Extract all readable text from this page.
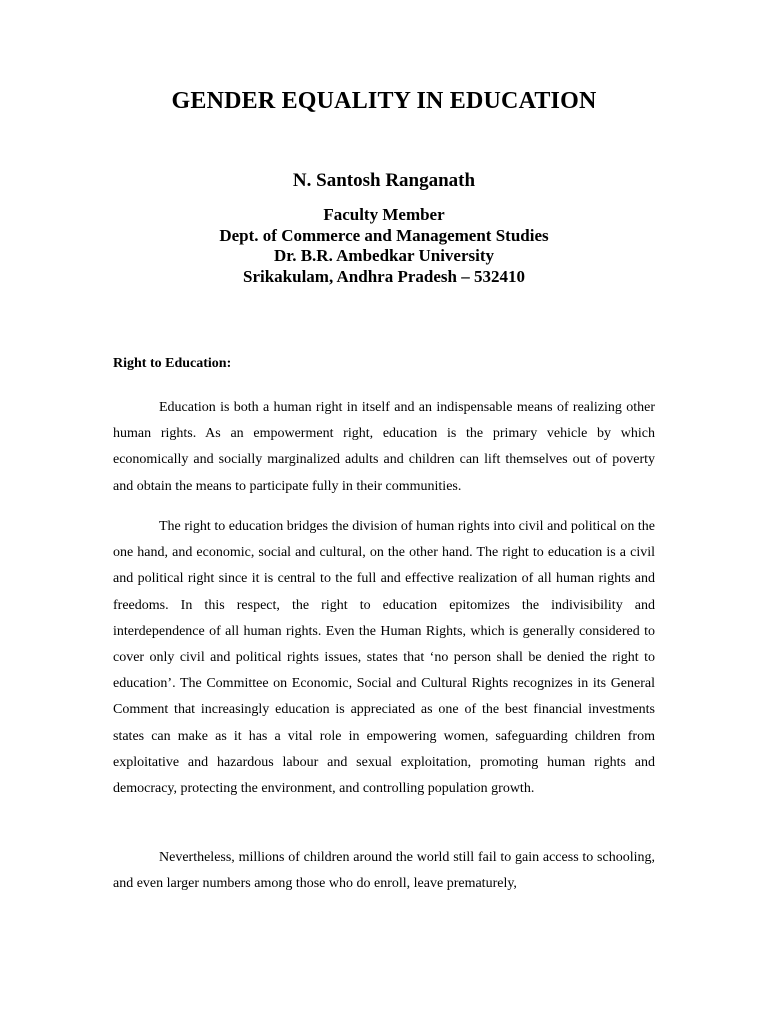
GENDER EQUALITY IN EDUCATION
N. Santosh Ranganath
Faculty Member
Dept. of Commerce and Management Studies
Dr. B.R. Ambedkar University
Srikakulam, Andhra Pradesh – 532410
Right to Education:

Education is both a human right in itself and an indispensable means of realizing other human rights. As an empowerment right, education is the primary vehicle by which economically and socially marginalized adults and children can lift themselves out of poverty and obtain the means to participate fully in their communities.

The right to education bridges the division of human rights into civil and political on the one hand, and economic, social and cultural, on the other hand. The right to education is a civil and political right since it is central to the full and effective realization of all human rights and freedoms. In this respect, the right to education epitomizes the indivisibility and interdependence of all human rights. Even the Human Rights, which is generally considered to cover only civil and political rights issues, states that ‘no person shall be denied the right to education’. The Committee on Economic, Social and Cultural Rights recognizes in its General Comment that increasingly education is appreciated as one of the best financial investments states can make as it has a vital role in empowering women, safeguarding children from exploitative and hazardous labour and sexual exploitation, promoting human rights and democracy, protecting the environment, and controlling population growth.

Nevertheless, millions of children around the world still fail to gain access to schooling, and even larger numbers among those who do enroll, leave prematurely,
